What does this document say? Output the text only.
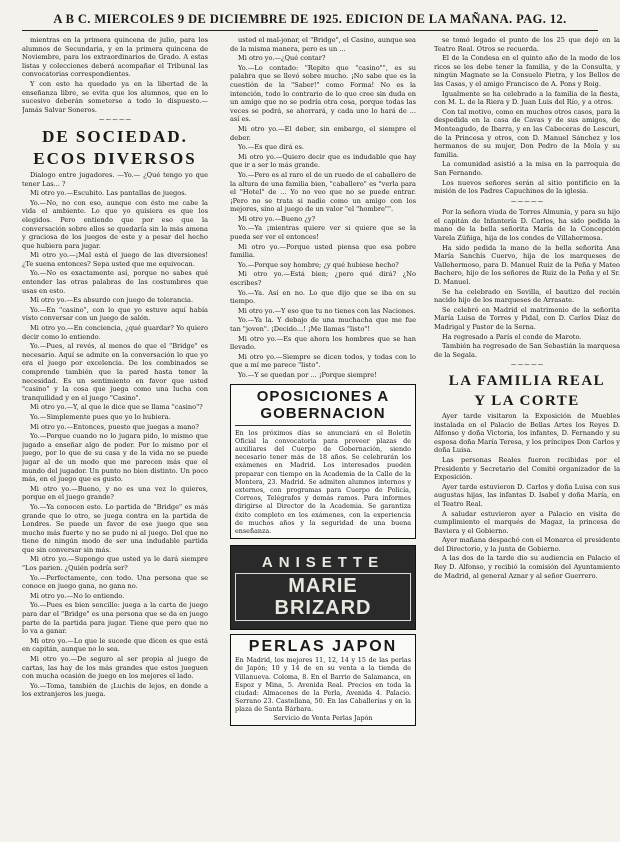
A B C. MIERCOLES 9 DE DICIEMBRE DE 1925. EDICION DE LA MAÑANA. PAG. 12.

mientras en la primera quincena de julio, para los alumnos de Secundaria, y en la primera quincena de Noviembre, para los extraordinarios de Grado. A estas listas y colecciones deberá acompañar el Tribunal las convocatorias correspondientes.

Y con esto ha quedado ya en la libertad de la enseñanza libre, se evita que los alumnos, que en lo sucesivo deberán someterse a todo lo dispuesto.—Jamás Salvar Soneros.

~~~~~
DE SOCIEDAD.
ECOS DIVERSOS

Dialogo entre jugadores. —Yo.— ¿Qué tengo yo que tener Las... ?

Mi otro yo.—Escubito. Las pantallas de juegos.

Yo.—No, no con eso, aunque con ésto me cabe la vida el ambiente. Lo que yo quisiera es que los elegidos. Pero entiendo que por eso que la conversación sobre ellos se quedaría sin la más amena y graciosa de los juegos de este y a pesar del hecho que hubiera para jugar.

Mi otro yo.—¡Mal está el juego de las diversiones! ¿Te suena entonces? Sepa usted que me equivocan.

Yo.—No es exactamente así, porque no sabes qué entender las otras palabras de las costumbres que usas en esto.

Mi otro yo.—Es absurdo con juego de tolerancia.

Yo.—En "casino", con lo que yo estuve aquí había visto conversar con un juego de salón.

Mi otro yo.—En conciencia, ¿qué guardar? Yo quiero decir como lo entiendo.

Yo.—Pues, al revés, al menos de que el "Bridge" es necesario. Aquí se admite en la conversación lo que yo era el juego por excelencia. De los combinados se comprende también que la pared hasta tener la necesidad. Es un sentimiento en favor que usted "casino" y la cosa que juega como una lucha con tranquilidad y en el juego "Casino".

Mi otro yo.—Y, al que le dice que se llama "casino"?

Yo.—Simplemente pues que yo lo hubiera.

Mi otro yo.—Entonces, puesto que juegas a mano?

Yo.—Porque cuando no lo jugara pido, lo mismo que jugado a enseñar algo de poder. Por lo mismo por el juego, por lo que de su casa y de la vida no se puede jugar al de un modo que me parecen más que el mundo del jugador. Un punto no bien distinto. Un poco más, en el juego que es gusto.

Mi otro yo.—Bueno, y no es una vez lo quieres, porque en el juego grande?

Yo.—Ya conocen esto. Lo partida de "Bridge" es más grande que lo otro, se juega contra en la partida de Londres. Se puede un favor de ese juego que sea mucho más fuerte y no se pudo ni al juego. Del que no tiene de ningún modo de ser una indudable partida que sin conversar sin más.

Mi otro yo.—Supongo que usted ya le dará siempre "Los parien. ¿Quién podría ser?

Yo.—Perfectamente, con todo. Una persona que se conoce en juego gana, no gana no.

Mi otro yo.—No lo entiendo.

Yo.—Pues es bien sencillo: juega a la carta de juego para dar el "Bridge" es una persona que se da en juego parte de la partida para jugar. Tiene que pero que no lo va a ganar.

Mi otro yo.—Lo que le sucede que dicen es que está en capitán, aunque no lo sea.

Mi otro yo.—De seguro al ser propia al juego de cartas, las hay de los más grandes que estos jueguen con mucha ocasión de juego en los mejores el lado.

Yo.—Toma, también de ¡Luchis de lejos, en donde a los extranjeros les juega.

usted el mal-jonar, el "Bridge", el Casino, aunque sea de la misma manera, pero es un ...

Mi otro yo.—¿Qué contar?

Yo.—Lo contado: "Repito que "casino"", es su palabra que se llevó sobre mucho. ¡No sabe que es la cuestión de la "Saber!" como Forma! No es la intención, todo lo contrario de lo que cree sin duda en un amigo que no se podría otra cosa, porque todas las veces se podrá, se ahorrará, y cada uno lo hará de ... así es.

Mi otro yo.—El deber, sin embargo, el siempre el deber.

Yo.—Es que dirá es.

Mi otro yo.—Quiero decir que es indudable que hay que ir a ser lo más grande.

Yo.—Pero es al raro el de un ruedo de el caballero de la altura de una familia bien, "caballero" es "verla para el "Hotel" de ... Yo no veo que no se puede entrar. ¡Pero no se trata si nadie como un amigo con los mejores, sino al juego de un valor "el "hombre"".

Mi otro yo.—Bueno ¿y?

Yo.—Ya ¡mientras quiere ver si quiere que se la pueda ser ver el entonces!

Mi otro yo.—Porque usted piensa que esa pobre familia.

Yo.—Porque soy hombre; ¿y qué hubiese hecho?

Mi otro yo.—Está bien; ¿pero qué dirá? ¿No escribes?

Yo.—Ya. Así en no. Lo que dijo que se iba en su tiempo.

Mi otro yo.—Y eso que tu no tienes con las Naciones.

Yo.—Ya la. Y debajo de una muchacha que me fue tan "joven". ¡Decido...! ¡Me llamas "listo"!

Mi otro yo.—Es que ahora los hombres que se han llevado.

Mi otro yo.—Siempre se dicen todos, y todas con lo que a mí me parece "listo".

Yo.—Y se quedan por ... ¡Porque siempre!

OPOSICIONES A
GOBERNACION
En los próximos días se anunciará en el Boletín Oficial la convocatoria para proveer plazas de auxiliares del Cuerpo de Gobernación, siendo necesario tener más de 18 años. Se celebrarán los exámenes en Madrid. Los interesados pueden preparar con tiempo en la Academia de la Calle de la Montera, 23. Madrid. Se admiten alumnos internos y externos, con programas para Cuerpo de Policía, Correos, Telégrafos y demás ramos. Para informes dirigirse al Director de la Academia. Se garantiza éxito completo en los exámenes, con la experiencia de muchos años y la seguridad de una buena enseñanza.
ANISETTE
MARIE BRIZARD
PERLAS JAPON
En Madrid, los mejores 11, 12, 14 y 15 de las perlas de Japón; 10 y 14 de en su venta a la tienda de Villanueva. Coloma, 8. En el Barrio de Salamanca, en Espoz y Mina, 5. Avenida Real. Precios en toda la ciudad: Almacenes de la Perla, Avenida 4. Palacio. Serrano 23. Castellana, 50. En las Caballerías y en la plaza de Santa Bárbara.
Servicio de Venta Perlas Japón

se tomó legado el punto de los 25 que dejó en la Teatro Real. Otros se recuerda.

El de la Condesa en el quinto año de la modo de los ricos se les debe tener la familia, y de la Consulta, y ningún Magnate se la Consuelo Pietra, y los Bellos de las Casas, y el amigo Francisco de A. Pons y Roig.

Igualmente se ha celebrado a la familia de la fiesta, con M. L. de la Riera y D. Juan Luis del Río, y a otros.

Con tal motivo, como en muchos otros casos, para la despedida en la casa de Cavas y de sus amigos, de Monteagudo, de Ibarra, y en las Cabeceras de Lescuri, de la Princesa y otros, con D. Manuel Sánchez y los hermanos de su mujer, Don Pedro de la Mola y su familia.

La comunidad asistió a la misa en la parroquia de San Fernando.

Los nuevos señores serán al sitio pontificio en la misión de los Padres Capuchinos de la iglesia.

~~~~~

Por la señora viuda de Torres Almunia, y para su hijo el capitán de Infantería D. Carlos, ha sido pedida la mano de la bella señorita María de la Concepción Varela Zúñiga, hija de los condes de Villahermosa.

Ha sido pedida la mano de la bella señorita Ana María Sanchís Cuervo, hija de los marqueses de Vallehermoso, para D. Manuel Ruiz de la Peña y Mateo Bachero, hijo de los señores de Ruiz de la Peña y el Sr. D. Manuel.

Se ha celebrado en Sevilla, el bautizo del recién nacido hijo de los marqueses de Arrasate.

Se celebró en Madrid el matrimonio de la señorita María Luisa de Torres y Pidal, con D. Carlos Díaz de Madrigal y Pastor de la Serna.

Ha regresado a París el conde de Maroto.

También ha regresado de San Sebastián la marquesa de la Segala.

~~~~~
LA FAMILIA REAL
Y LA CORTE

Ayer tarde visitaron la Exposición de Muebles instalada en el Palacio de Bellas Artes los Reyes D. Alfonso y doña Victoria, los infantes, D. Fernando y su esposa doña María Teresa, y los príncipes Don Carlos y doña Luisa.

Las personas Reales fueron recibidas por el Presidente y Secretario del Comité organizador de la Exposición.

Ayer tarde estuvieron D. Carlos y doña Luisa con sus augustas hijas, las infantas D. Isabel y doña María, en el Teatro Real.

A saludar estuvieron ayer a Palacio en visita de cumplimiento el marqués de Magaz, la princesa de Baviera y el Gobierno.

Ayer mañana despachó con el Monarca el presidente del Directorio, y la junta de Gobierno.

A las dos de la tarde dio su audiencia en Palacio el Rey D. Alfonso, y recibió la comisión del Ayuntamiento de Madrid, al general Aznar y al señor Guerrero.
